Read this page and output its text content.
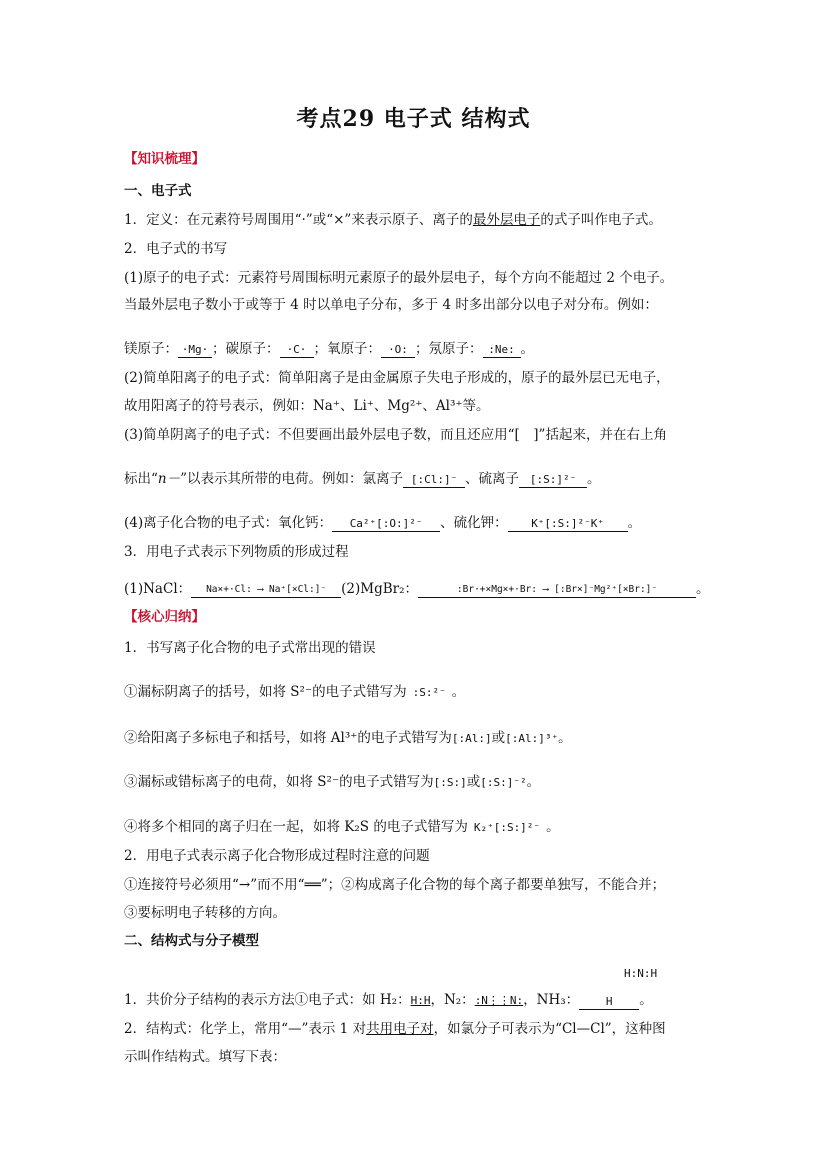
考点29 电子式 结构式
【知识梳理】
一、电子式
1．定义：在元素符号周围用“·”或“×”来表示原子、离子的最外层电子的式子叫作电子式。
2．电子式的书写
(1)原子的电子式：元素符号周围标明元素原子的最外层电子，每个方向不能超过 2 个电子。
当最外层电子数小于或等于 4 时以单电子分布，多于 4 时多出部分以电子对分布。例如：
镁原子： ·Mg· ；碳原子： ·C· ；氧原子： ·O: ；氖原子： :Ne: 。
(2)简单阳离子的电子式：简单阳离子是由金属原子失电子形成的，原子的最外层已无电子，
故用阳离子的符号表示，例如：Na⁺、Li⁺、Mg²⁺、Al³⁺等。
(3)简单阴离子的电子式：不但要画出最外层电子数，而且还应用“[　]”括起来，并在右上角
标出“n－”以表示其所带的电荷。例如：氯离子 [:Cl:]⁻ 、硫离子 [:S:]²⁻ 。
(4)离子化合物的电子式：氧化钙： Ca²⁺[:O:]²⁻ 、硫化钾： K⁺[:S:]²⁻K⁺ 。
3．用电子式表示下列物质的形成过程
(1)NaCl： Na×+·Cl: ⟶ Na⁺[×Cl:]⁻ (2)MgBr₂：	:Br·+×Mg×+·Br: ⟶ [:Br×]⁻Mg²⁺[×Br:]⁻	。
【核心归纳】
1．书写离子化合物的电子式常出现的错误
①漏标阴离子的括号，如将 S²⁻的电子式错写为 :S:²⁻ 。
②给阳离子多标电子和括号，如将 Al³⁺的电子式错写为[:Al:]或[:Al:]³⁺。
③漏标或错标离子的电荷，如将 S²⁻的电子式错写为[:S:]或[:S:]⁻²。
④将多个相同的离子归在一起，如将 K₂S 的电子式错写为 K₂⁺[:S:]²⁻ 。
2．用电子式表示离子化合物形成过程时注意的问题
①连接符号必须用“→”而不用“══”；②构成离子化合物的每个离子都要单独写，不能合并；
③要标明电子转移的方向。
二、结构式与分子模型
H:N:H
1．共价分子结构的表示方法①电子式：如 H₂：H:H，N₂：:N⋮⋮N:，NH₃： H 。
2．结构式：化学上，常用“—”表示 1 对共用电子对，如氯分子可表示为“Cl—Cl”，这种图
示叫作结构式。填写下表：
